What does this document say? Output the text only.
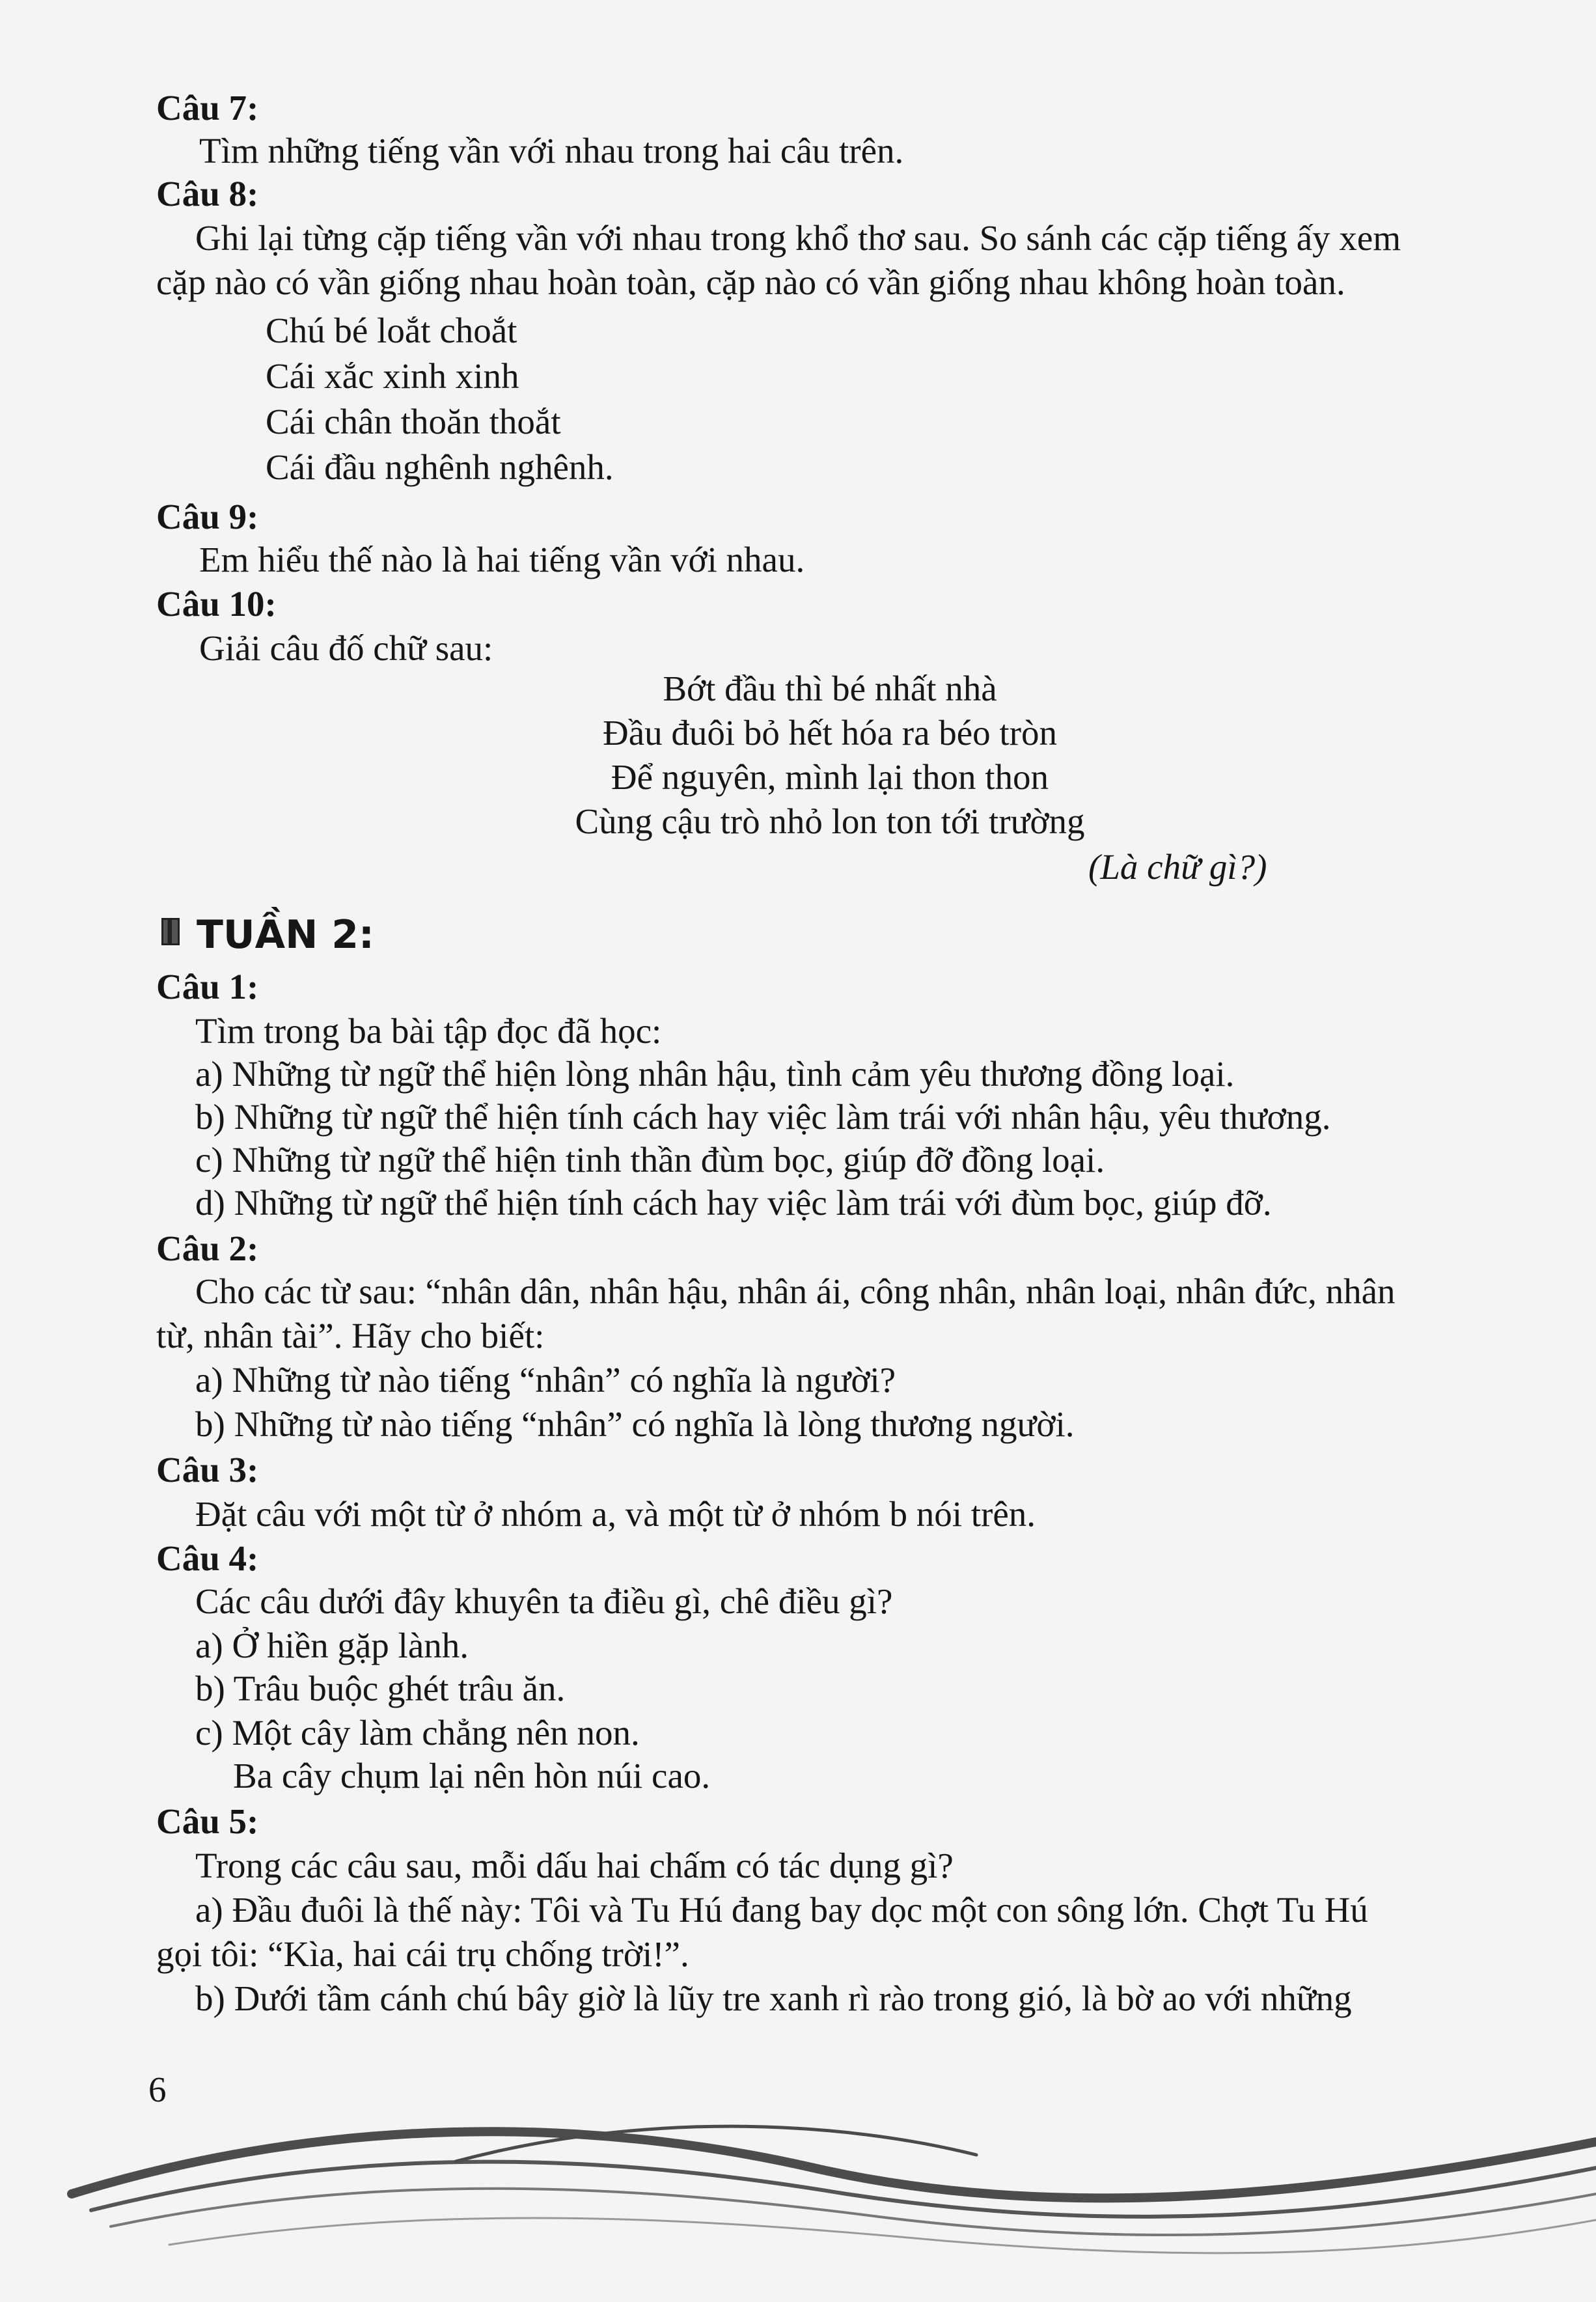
Câu 7:
Tìm những tiếng vần với nhau trong hai câu trên.
Câu 8:
Ghi lại từng cặp tiếng vần với nhau trong khổ thơ sau. So sánh các cặp tiếng ấy xem
cặp nào có vần giống nhau hoàn toàn, cặp nào có vần giống nhau không hoàn toàn.
Chú bé loắt choắt
Cái xắc xinh xinh
Cái chân thoăn thoắt
Cái đầu nghênh nghênh.
Câu 9:
Em hiểu thế nào là hai tiếng vần với nhau.
Câu 10:
Giải câu đố chữ sau:
Bớt đầu thì bé nhất nhà
Đầu đuôi bỏ hết hóa ra béo tròn
Để nguyên, mình lại thon thon
Cùng cậu trò nhỏ lon ton tới trường
(Là chữ gì?)
TUẦN 2:
Câu 1:
Tìm trong ba bài tập đọc đã học:
a) Những từ ngữ thể hiện lòng nhân hậu, tình cảm yêu thương đồng loại.
b) Những từ ngữ thể hiện tính cách hay việc làm trái với nhân hậu, yêu thương.
c) Những từ ngữ thể hiện tinh thần đùm bọc, giúp đỡ đồng loại.
d) Những từ ngữ thể hiện tính cách hay việc làm trái với đùm bọc, giúp đỡ.
Câu 2:
Cho các từ sau: “nhân dân, nhân hậu, nhân ái, công nhân, nhân loại, nhân đức, nhân
từ, nhân tài”. Hãy cho biết:
a) Những từ nào tiếng “nhân” có nghĩa là người?
b) Những từ nào tiếng “nhân” có nghĩa là lòng thương người.
Câu 3:
Đặt câu với một từ ở nhóm a, và một từ ở nhóm b nói trên.
Câu 4:
Các câu dưới đây khuyên ta điều gì, chê điều gì?
a) Ở hiền gặp lành.
b) Trâu buộc ghét trâu ăn.
c) Một cây làm chẳng nên non.
Ba cây chụm lại nên hòn núi cao.
Câu 5:
Trong các câu sau, mỗi dấu hai chấm có tác dụng gì?
a) Đầu đuôi là thế này: Tôi và Tu Hú đang bay dọc một con sông lớn. Chợt Tu Hú
gọi tôi: “Kìa, hai cái trụ chống trời!”.
b) Dưới tầm cánh chú bây giờ là lũy tre xanh rì rào trong gió, là bờ ao với những
6
